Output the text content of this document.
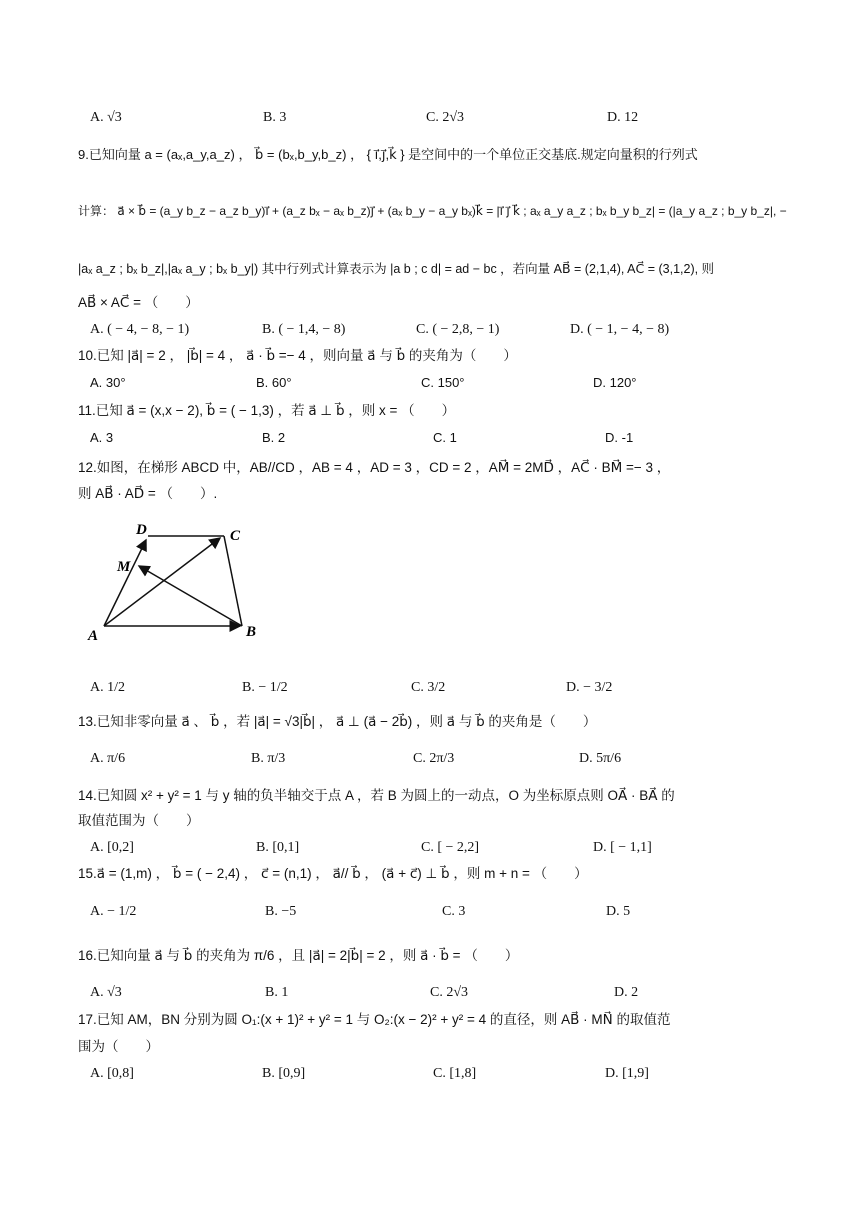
A. √3	B. 3	C. 2√3	D. 12
9.已知向量 a = (aₓ,a_y,a_z) ， b⃗ = (bₓ,b_y,b_z) ， { i⃗,j⃗,k⃗ } 是空间中的一个单位正交基底.规定向量积的行列式
计算： a⃗ × b⃗ = (a_y b_z − a_z b_y)i⃗ + (a_z bₓ − aₓ b_z)j⃗ + (aₓ b_y − a_y bₓ)k⃗ = |i⃗ j⃗ k⃗ ; aₓ a_y a_z ; bₓ b_y b_z| = (|a_y a_z ; b_y b_z|, −
|aₓ a_z ; bₓ b_z|,|aₓ a_y ; bₓ b_y|) 其中行列式计算表示为 |a b ; c d| = ad − bc ，若向量 AB⃗ = (2,1,4), AC⃗ = (3,1,2), 则
AB⃗ × AC⃗ = （　　）
A. ( − 4, − 8, − 1)	B. ( − 1,4, − 8)	C. ( − 2,8, − 1)	D. ( − 1, − 4, − 8)
10.已知 |a⃗| = 2 ， |b⃗| = 4 ， a⃗ · b⃗ =− 4 ，则向量 a⃗ 与 b⃗ 的夹角为（　　）
A. 30°	B. 60°	C. 150°	D. 120°
11.已知 a⃗ = (x,x − 2), b⃗ = ( − 1,3) ，若 a⃗ ⊥ b⃗ ，则 x = （　　）
A. 3	B. 2	C. 1	D. -1
12.如图，在梯形 ABCD 中，AB//CD ，AB = 4 ，AD = 3 ，CD = 2 ，AM⃗ = 2MD⃗ ，AC⃗ · BM⃗ =− 3 ，
则 AB⃗ · AD⃗ = （　　）.
D	C
M
A	B
A. 1/2	B. − 1/2	C. 3/2	D. − 3/2
13.已知非零向量 a⃗ 、 b⃗ ，若 |a⃗| = √3|b⃗| ， a⃗ ⊥ (a⃗ − 2b⃗) ，则 a⃗ 与 b⃗ 的夹角是（　　）
A. π/6	B. π/3	C. 2π/3	D. 5π/6
14.已知圆 x² + y² = 1 与 y 轴的负半轴交于点 A ，若 B 为圆上的一动点，O 为坐标原点则 OA⃗ · BA⃗ 的
取值范围为（　　）
A. [0,2]	B. [0,1]	C. [ − 2,2]	D. [ − 1,1]
15.a⃗ = (1,m) ， b⃗ = ( − 2,4) ， c⃗ = (n,1) ， a⃗// b⃗ ， (a⃗ + c⃗) ⊥ b⃗ ，则 m + n = （　　）
A. − 1/2	B. −5	C. 3	D. 5
16.已知向量 a⃗ 与 b⃗ 的夹角为 π/6 ，且 |a⃗| = 2|b⃗| = 2 ，则 a⃗ · b⃗ = （　　）
A. √3	B. 1	C. 2√3	D. 2
17.已知 AM，BN 分别为圆 O₁:(x + 1)² + y² = 1 与 O₂:(x − 2)² + y² = 4 的直径，则 AB⃗ · MN⃗ 的取值范
围为（　　）
A. [0,8]	B. [0,9]	C. [1,8]	D. [1,9]
